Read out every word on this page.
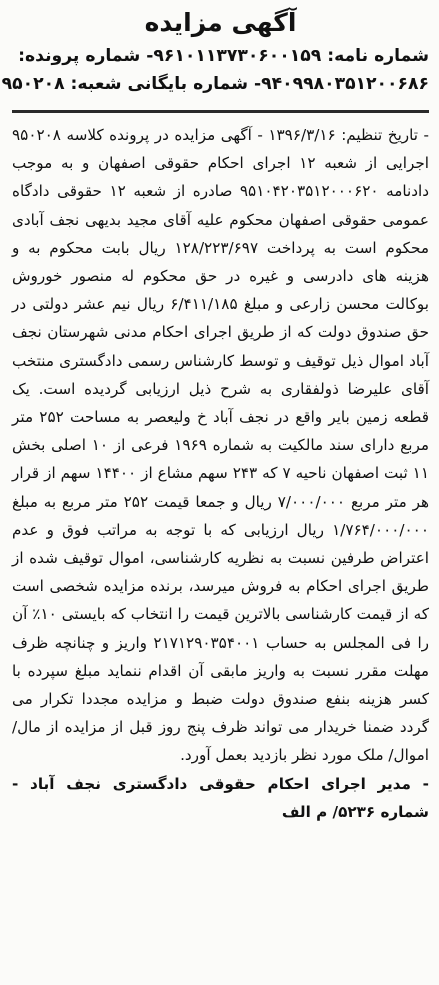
آگهی مزایده
شماره نامه: ۹۶۱۰۱۱۳۷۳۰۶۰۰۱۵۹- شماره پرونده:
۹۴۰۹۹۸۰۳۵۱۲۰۰۶۸۶- شماره بایگانی شعبه: ۹۵۰۲۰۸
- تاریخ تنظیم: ۱۳۹۶/۳/۱۶ - آگهی مزایده در پرونده کلاسه ۹۵۰۲۰۸ اجرایی از شعبه ۱۲ اجرای احکام حقوقی اصفهان و به موجب دادنامه ۹۵۱۰۴۲۰۳۵۱۲۰۰۰۶۲۰ صادره از شعبه ۱۲ حقوقی دادگاه عمومی حقوقی اصفهان محکوم علیه آقای مجید بدیهی نجف آبادی محکوم است به پرداخت ۱۲۸/۲۲۳/۶۹۷ ریال بابت محکوم به و هزینه های دادرسی و غیره در حق محکوم له منصور خوروش بوکالت محسن زارعی و مبلغ ۶/۴۱۱/۱۸۵ ریال نیم عشر دولتی در حق صندوق دولت که از طریق اجرای احکام مدنی شهرستان نجف آباد اموال ذیل توقیف و توسط کارشناس رسمی دادگستری منتخب آقای علیرضا ذولفقاری به شرح ذیل ارزیابی گردیده است. یک قطعه زمین بایر واقع در نجف آباد خ ولیعصر به مساحت ۲۵۲ متر مربع دارای سند مالکیت به شماره ۱۹۶۹ فرعی از ۱۰ اصلی بخش ۱۱ ثبت اصفهان ناحیه ۷ که ۲۴۳ سهم مشاع از ۱۴۴۰۰ سهم از قرار هر متر مربع ۷/۰۰۰/۰۰۰ ریال و جمعا قیمت ۲۵۲ متر مربع به مبلغ ۱/۷۶۴/۰۰۰/۰۰۰ ریال ارزیابی که با توجه به مراتب فوق و عدم اعتراض طرفین نسبت به نظریه کارشناسی، اموال توقیف شده از طریق اجرای احکام به فروش میرسد، برنده مزایده شخصی است که از قیمت کارشناسی بالاترین قیمت را انتخاب که بایستی ۱۰٪ آن را فی المجلس به حساب ۲۱۷۱۲۹۰۳۵۴۰۰۱ واریز و چنانچه ظرف مهلت مقرر نسبت به واریز مابقی آن اقدام ننماید مبلغ سپرده با کسر هزینه بنفع صندوق دولت ضبط و مزایده مجددا تکرار می گردد ضمنا خریدار می تواند ظرف پنج روز قبل از مزایده از مال/ اموال/ ملک مورد نظر بازدید بعمل آورد.
- مدیر اجرای احکام حقوقی دادگستری نجف آباد - شماره ۵۲۳۶/ م الف
